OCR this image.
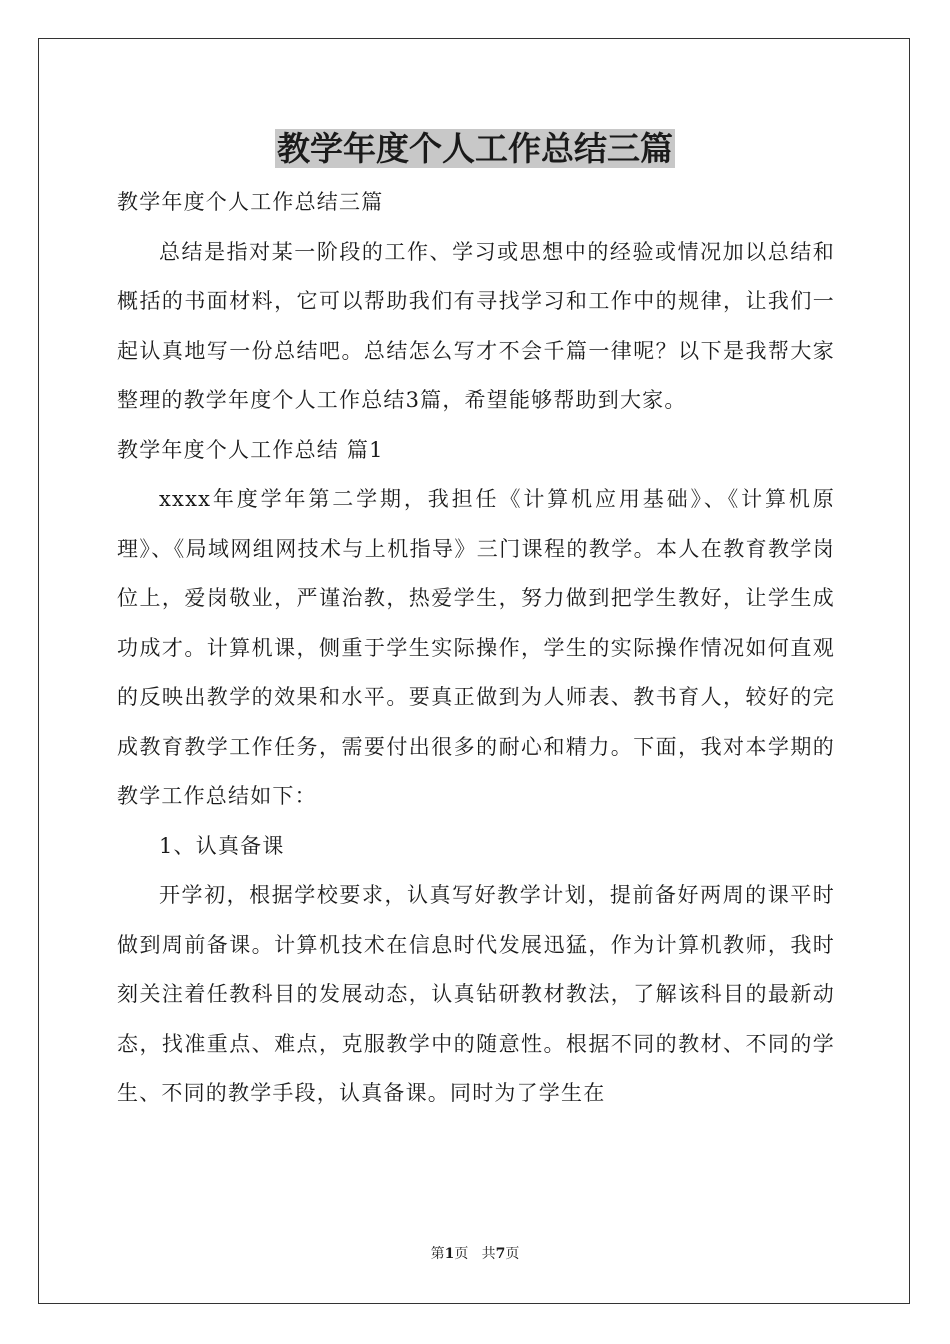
教学年度个人工作总结三篇

教学年度个人工作总结三篇

总结是指对某一阶段的工作、学习或思想中的经验或情况加以总结和概括的书面材料，它可以帮助我们有寻找学习和工作中的规律，让我们一起认真地写一份总结吧。总结怎么写才不会千篇一律呢？以下是我帮大家整理的教学年度个人工作总结3篇，希望能够帮助到大家。

教学年度个人工作总结 篇1

xxxx年度学年第二学期，我担任《计算机应用基础》、《计算机原理》、《局域网组网技术与上机指导》三门课程的教学。本人在教育教学岗位上，爱岗敬业，严谨治教，热爱学生，努力做到把学生教好，让学生成功成才。计算机课，侧重于学生实际操作，学生的实际操作情况如何直观的反映出教学的效果和水平。要真正做到为人师表、教书育人，较好的完成教育教学工作任务，需要付出很多的耐心和精力。下面，我对本学期的教学工作总结如下：

1、认真备课

开学初，根据学校要求，认真写好教学计划，提前备好两周的课平时做到周前备课。计算机技术在信息时代发展迅猛，作为计算机教师，我时刻关注着任教科目的发展动态，认真钻研教材教法，了解该科目的最新动态，找准重点、难点，克服教学中的随意性。根据不同的教材、不同的学生、不同的教学手段，认真备课。同时为了学生在

第1页 共7页
